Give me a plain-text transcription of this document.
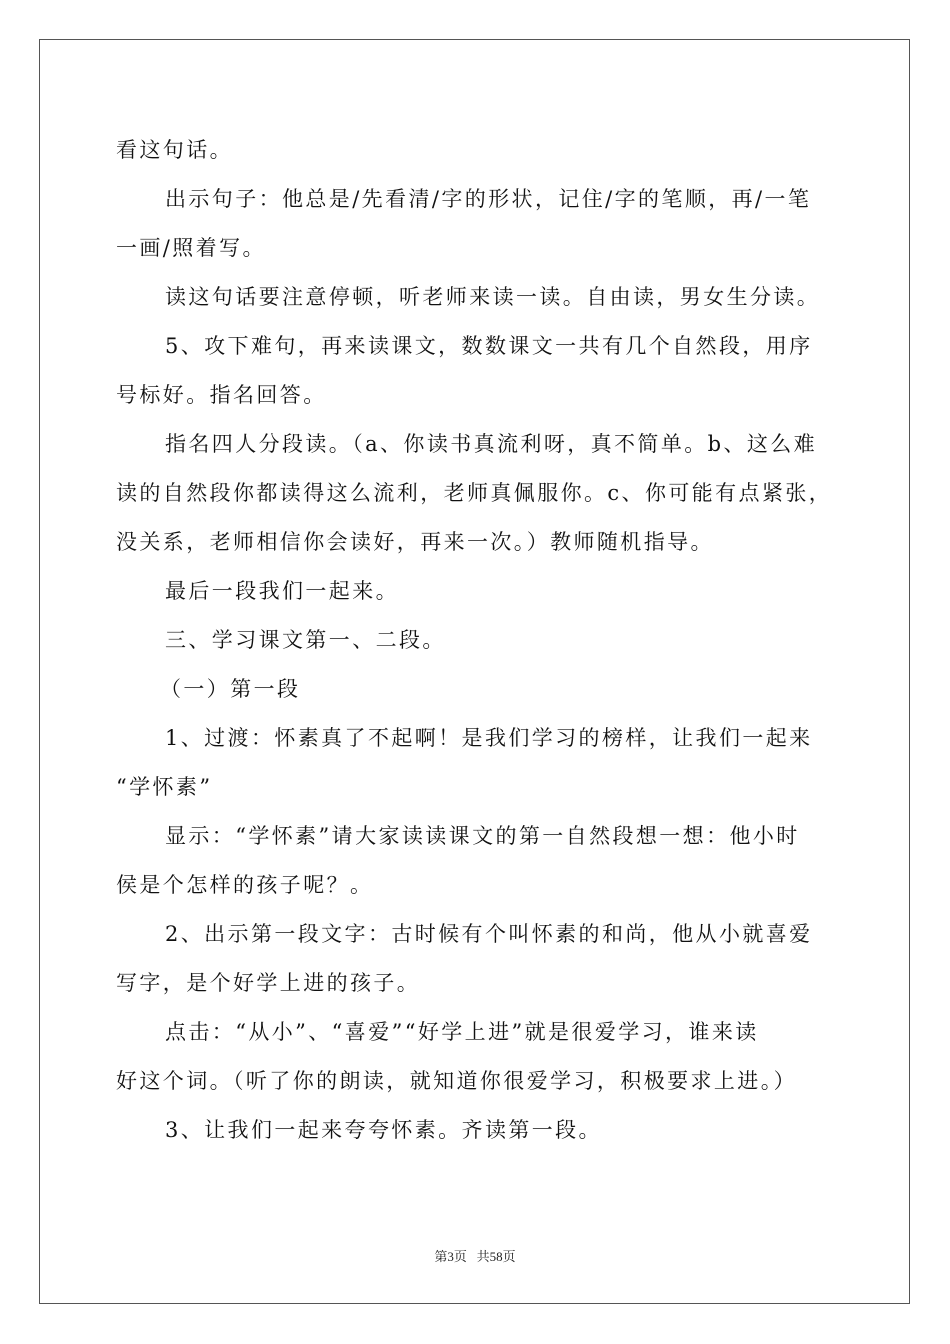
看这句话。
出示句子：他总是/先看清/字的形状，记住/字的笔顺，再/一笔
一画/照着写。
读这句话要注意停顿，听老师来读一读。自由读，男女生分读。
5、攻下难句，再来读课文，数数课文一共有几个自然段，用序
号标好。指名回答。
指名四人分段读。（a、你读书真流利呀，真不简单。b、这么难
读的自然段你都读得这么流利，老师真佩服你。c、你可能有点紧张，
没关系，老师相信你会读好，再来一次。）教师随机指导。
最后一段我们一起来。
三、学习课文第一、二段。
（一）第一段
1、过渡：怀素真了不起啊！是我们学习的榜样，让我们一起来
“学怀素”
显示：“学怀素”请大家读读课文的第一自然段想一想：他小时
侯是个怎样的孩子呢？。
2、出示第一段文字：古时候有个叫怀素的和尚，他从小就喜爱
写字，是个好学上进的孩子。
点击：“从小”、“喜爱”“好学上进”就是很爱学习，谁来读
好这个词。（听了你的朗读，就知道你很爱学习，积极要求上进。）
3、让我们一起来夸夸怀素。齐读第一段。
第3页 共58页
